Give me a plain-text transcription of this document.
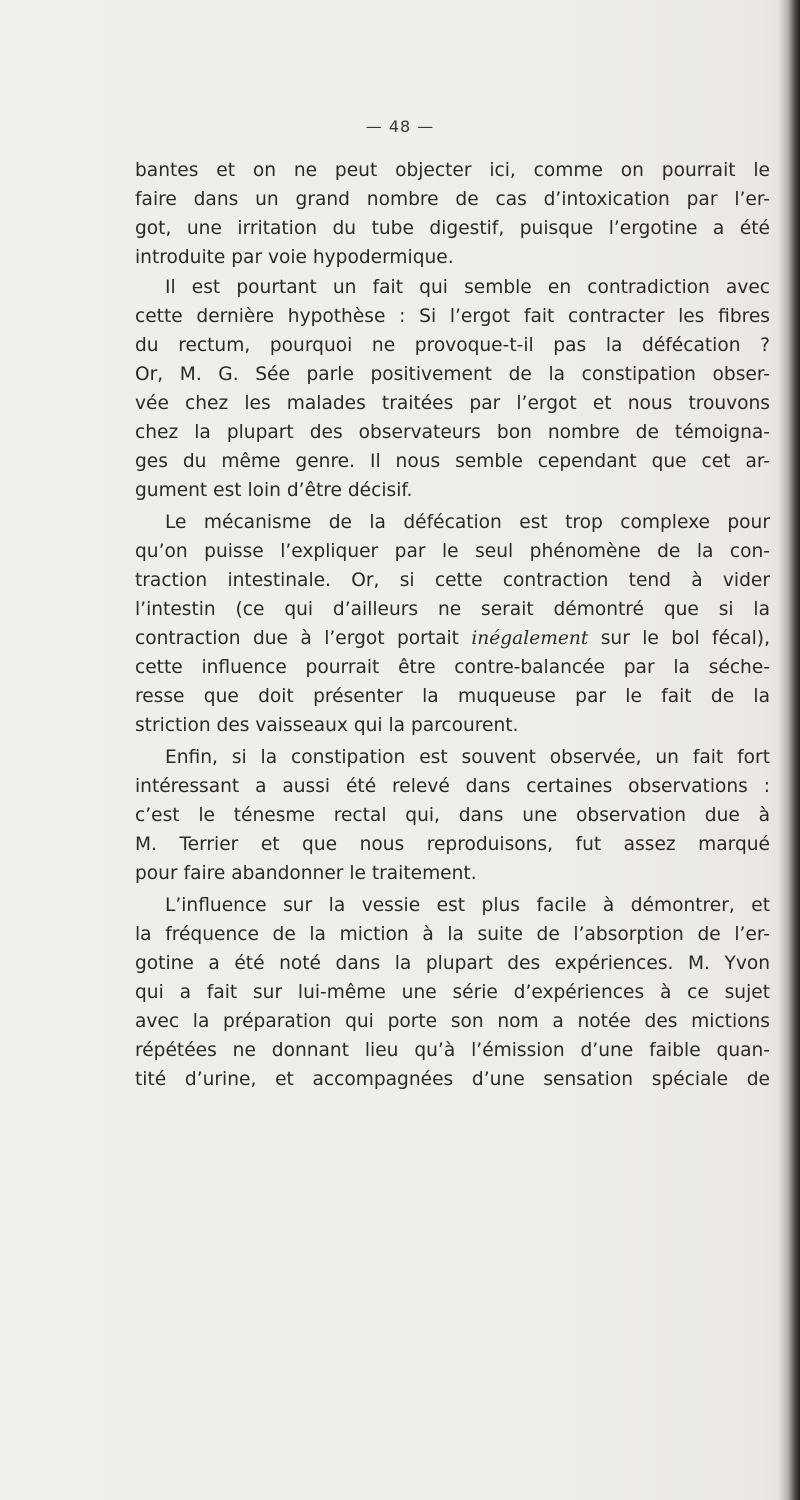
— 48 —
bantes et on ne peut objecter ici, comme on pourrait le
faire dans un grand nombre de cas d’intoxication par l’er-
got, une irritation du tube digestif, puisque l’ergotine a été
introduite par voie hypodermique.
Il est pourtant un fait qui semble en contradiction avec
cette dernière hypothèse : Si l’ergot fait contracter les fibres
du rectum, pourquoi ne provoque-t-il pas la défécation ?
Or, M. G. Sée parle positivement de la constipation obser-
vée chez les malades traitées par l’ergot et nous trouvons
chez la plupart des observateurs bon nombre de témoigna-
ges du même genre. Il nous semble cependant que cet ar-
gument est loin d’être décisif.
Le mécanisme de la défécation est trop complexe pour
qu’on puisse l’expliquer par le seul phénomène de la con-
traction intestinale. Or, si cette contraction tend à vider
l’intestin (ce qui d’ailleurs ne serait démontré que si la
contraction due à l’ergot portait inégalement sur le bol fécal),
cette influence pourrait être contre-balancée par la séche-
resse que doit présenter la muqueuse par le fait de la
striction des vaisseaux qui la parcourent.
Enfin, si la constipation est souvent observée, un fait fort
intéressant a aussi été relevé dans certaines observations :
c’est le ténesme rectal qui, dans une observation due à
M. Terrier et que nous reproduisons, fut assez marqué
pour faire abandonner le traitement.
L’influence sur la vessie est plus facile à démontrer, et
la fréquence de la miction à la suite de l’absorption de l’er-
gotine a été noté dans la plupart des expériences. M. Yvon
qui a fait sur lui-même une série d’expériences à ce sujet
avec la préparation qui porte son nom a notée des mictions
répétées ne donnant lieu qu’à l’émission d’une faible quan-
tité d’urine, et accompagnées d’une sensation spéciale de
